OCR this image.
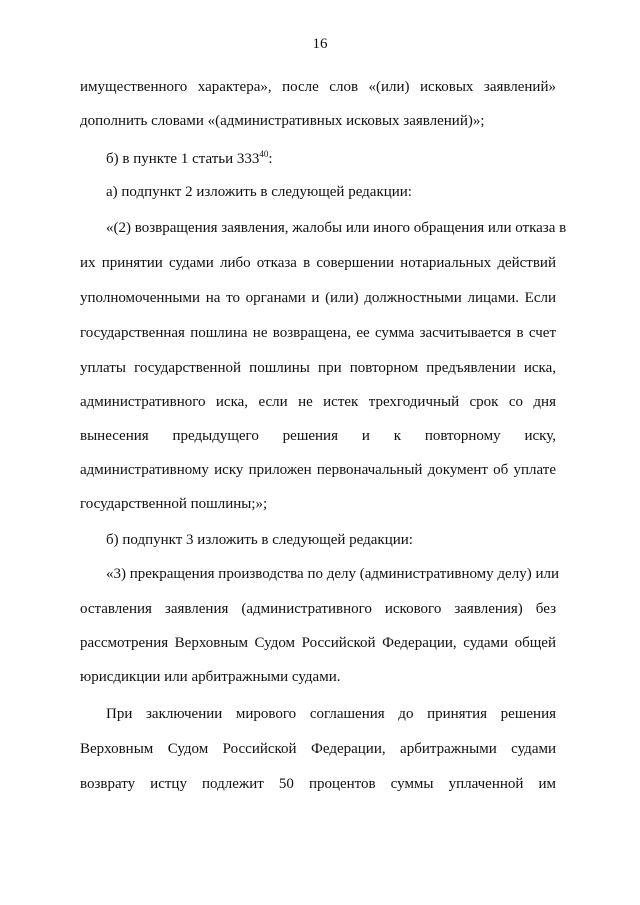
16
имущественного характера», после слов «(или) исковых заявлений»
дополнить словами «(административных исковых заявлений)»;
б) в пункте 1 статьи $333^{40}$:
а) подпункт 2 изложить в следующей редакции:
«(2) возвращения заявления, жалобы или иного обращения или отказа в
их принятии судами либо отказа в совершении нотариальных действий
уполномоченными на то органами и (или) должностными лицами. Если
государственная пошлина не возвращена, ее сумма засчитывается в счет
уплаты государственной пошлины при повторном предъявлении иска,
административного иска, если не истек трехгодичный срок со дня
вынесения предыдущего решения и к повторному иску,
административному иску приложен первоначальный документ об уплате
государственной пошлины;»;
б) подпункт 3 изложить в следующей редакции:
«3) прекращения производства по делу (административному делу) или
оставления заявления (административного искового заявления) без
рассмотрения Верховным Судом Российской Федерации, судами общей
юрисдикции или арбитражными судами.
При заключении мирового соглашения до принятия решения
Верховным Судом Российской Федерации, арбитражными судами
возврату истцу подлежит 50 процентов суммы уплаченной им
